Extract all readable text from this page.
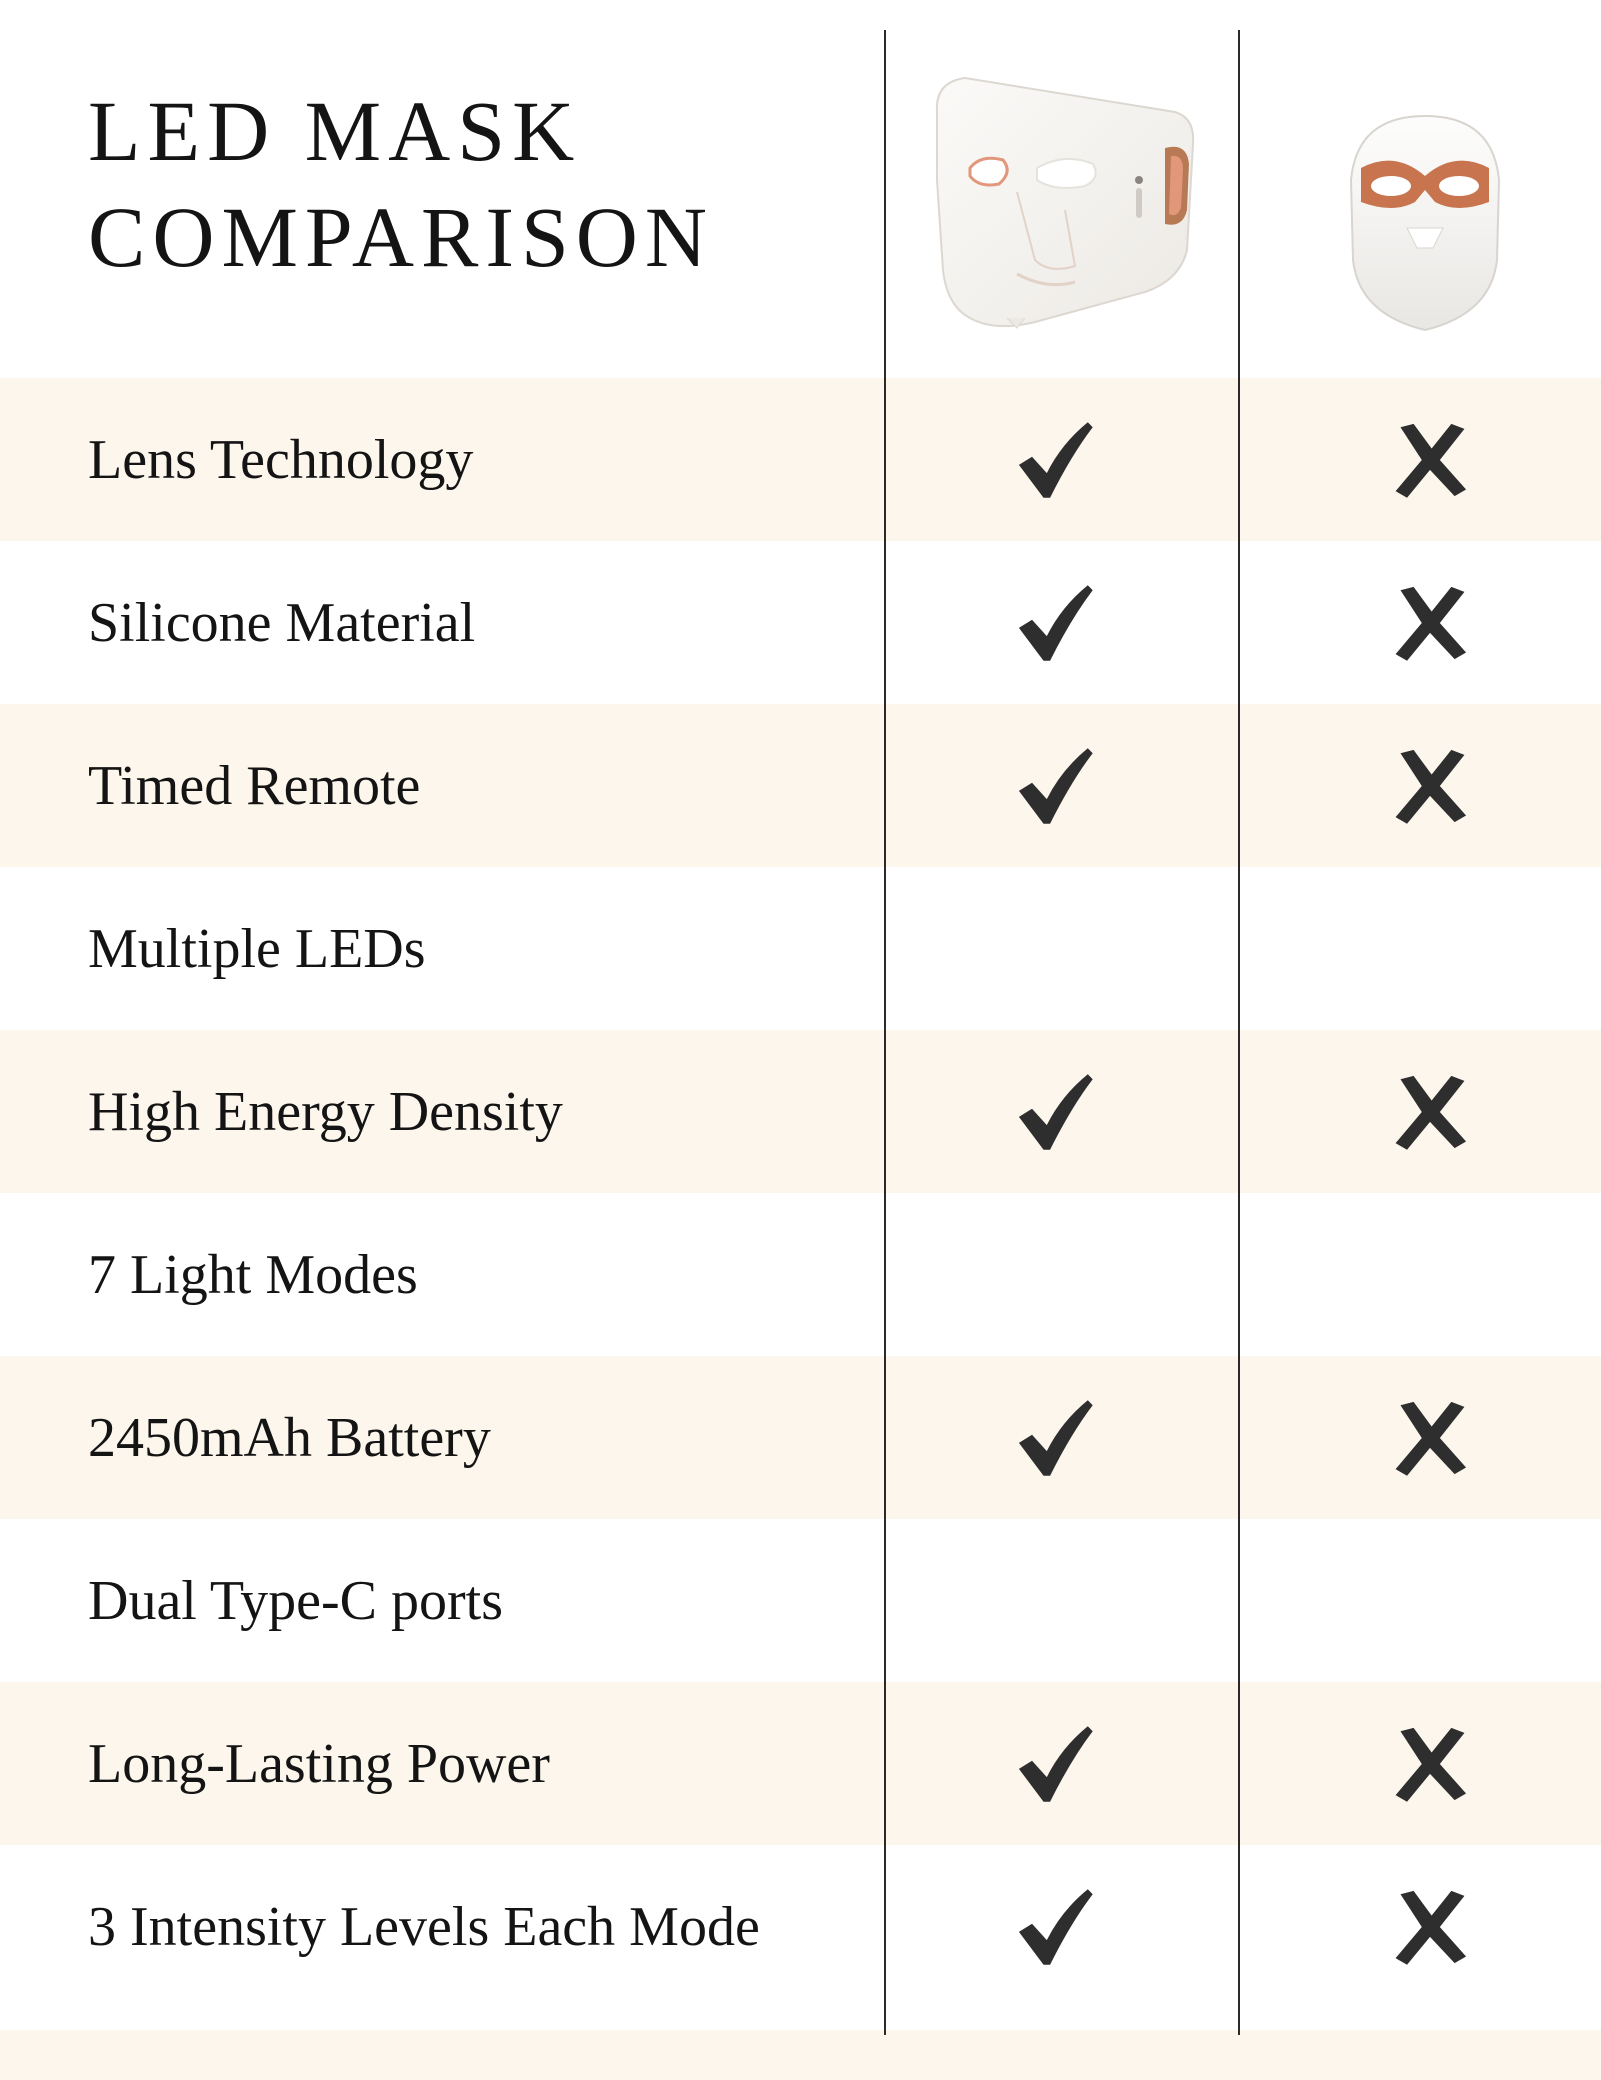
LED MASK
COMPARISON
Lens Technology
Silicone Material
Timed Remote
Multiple LEDs
High Energy Density
7 Light Modes
2450mAh Battery
Dual Type-C ports
Long-Lasting Power
3 Intensity Levels Each Mode
